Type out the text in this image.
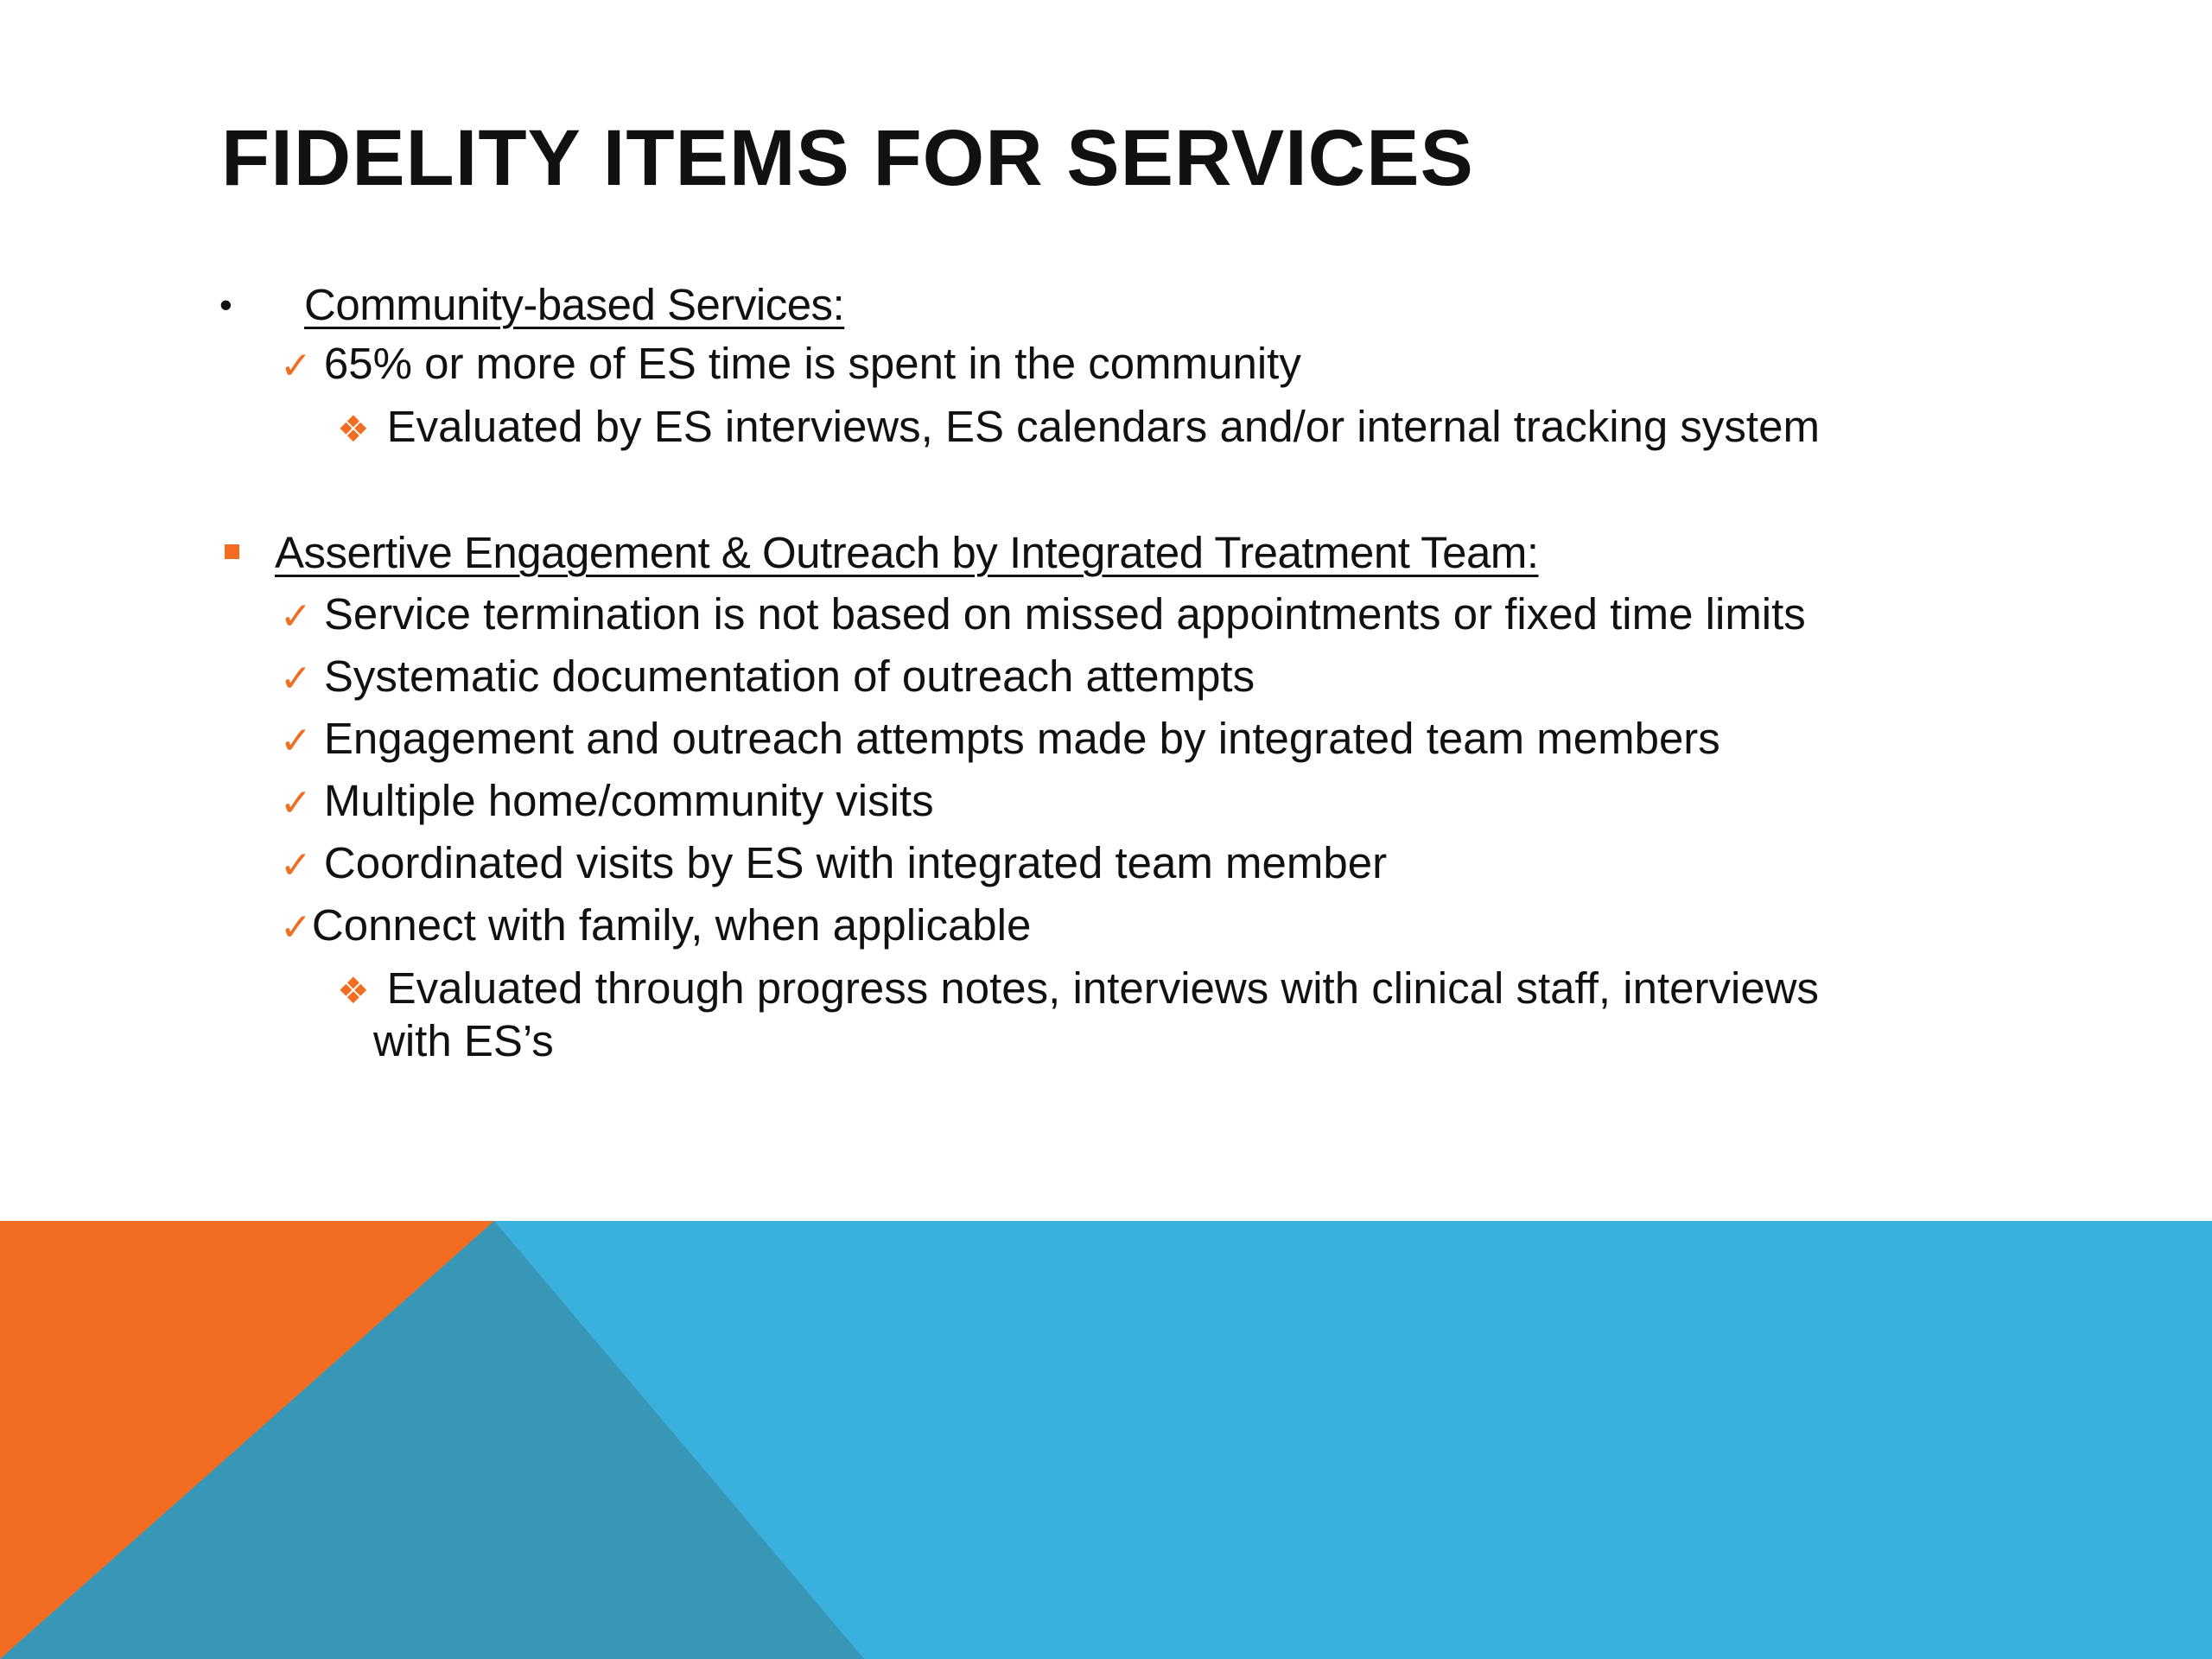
FIDELITY ITEMS FOR SERVICES
• Community-based Services:
✓ 65% or more of ES time is spent in the community
❖ Evaluated by ES interviews, ES calendars and/or internal tracking system
Assertive Engagement & Outreach by Integrated Treatment Team:
✓ Service termination is not based on missed appointments or fixed time limits
✓ Systematic documentation of outreach attempts
✓ Engagement and outreach attempts made by integrated team members
✓ Multiple home/community visits
✓ Coordinated visits by ES with integrated team member
✓Connect with family, when applicable
❖ Evaluated through progress notes, interviews with clinical staff, interviews
with ES’s
